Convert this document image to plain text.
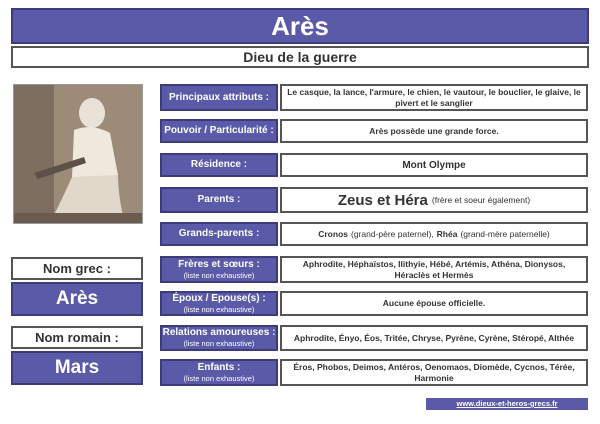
Arès
Dieu de la guerre
Principaux attributs : Le casque, la lance, l'armure, le chien, le vautour, le bouclier, le glaive, le pivert et le sanglier
Pouvoir / Particularité :	Arès possède une grande force.
Résidence :	Mont Olympe
Parents :	Zeus et Héra (frère et soeur également)
Grands-parents :	Cronos (grand-père paternel), Rhéa (grand-mère paternelle)
Frères et sœurs :
(liste non exhaustive)
Aphrodite, Héphaïstos, Ilithyie, Hébé, Artémis, Athéna, Dionysos, Héraclès et Hermès
Époux / Epouse(s) :
(liste non exhaustive)
Aucune épouse officielle.
Relations amoureuses :
(liste non exhaustive)
Aphrodite, Ényo, Éos, Tritée, Chryse, Pyrène, Cyrène, Stéropé, Althée
Enfants :
(liste non exhaustive)
Éros, Phobos, Deimos, Antéros, Oenomaos, Diomède, Cycnos, Térée, Harmonie
Nom grec :
Arès
Nom romain :
Mars
www.dieux-et-heros-grecs.fr
